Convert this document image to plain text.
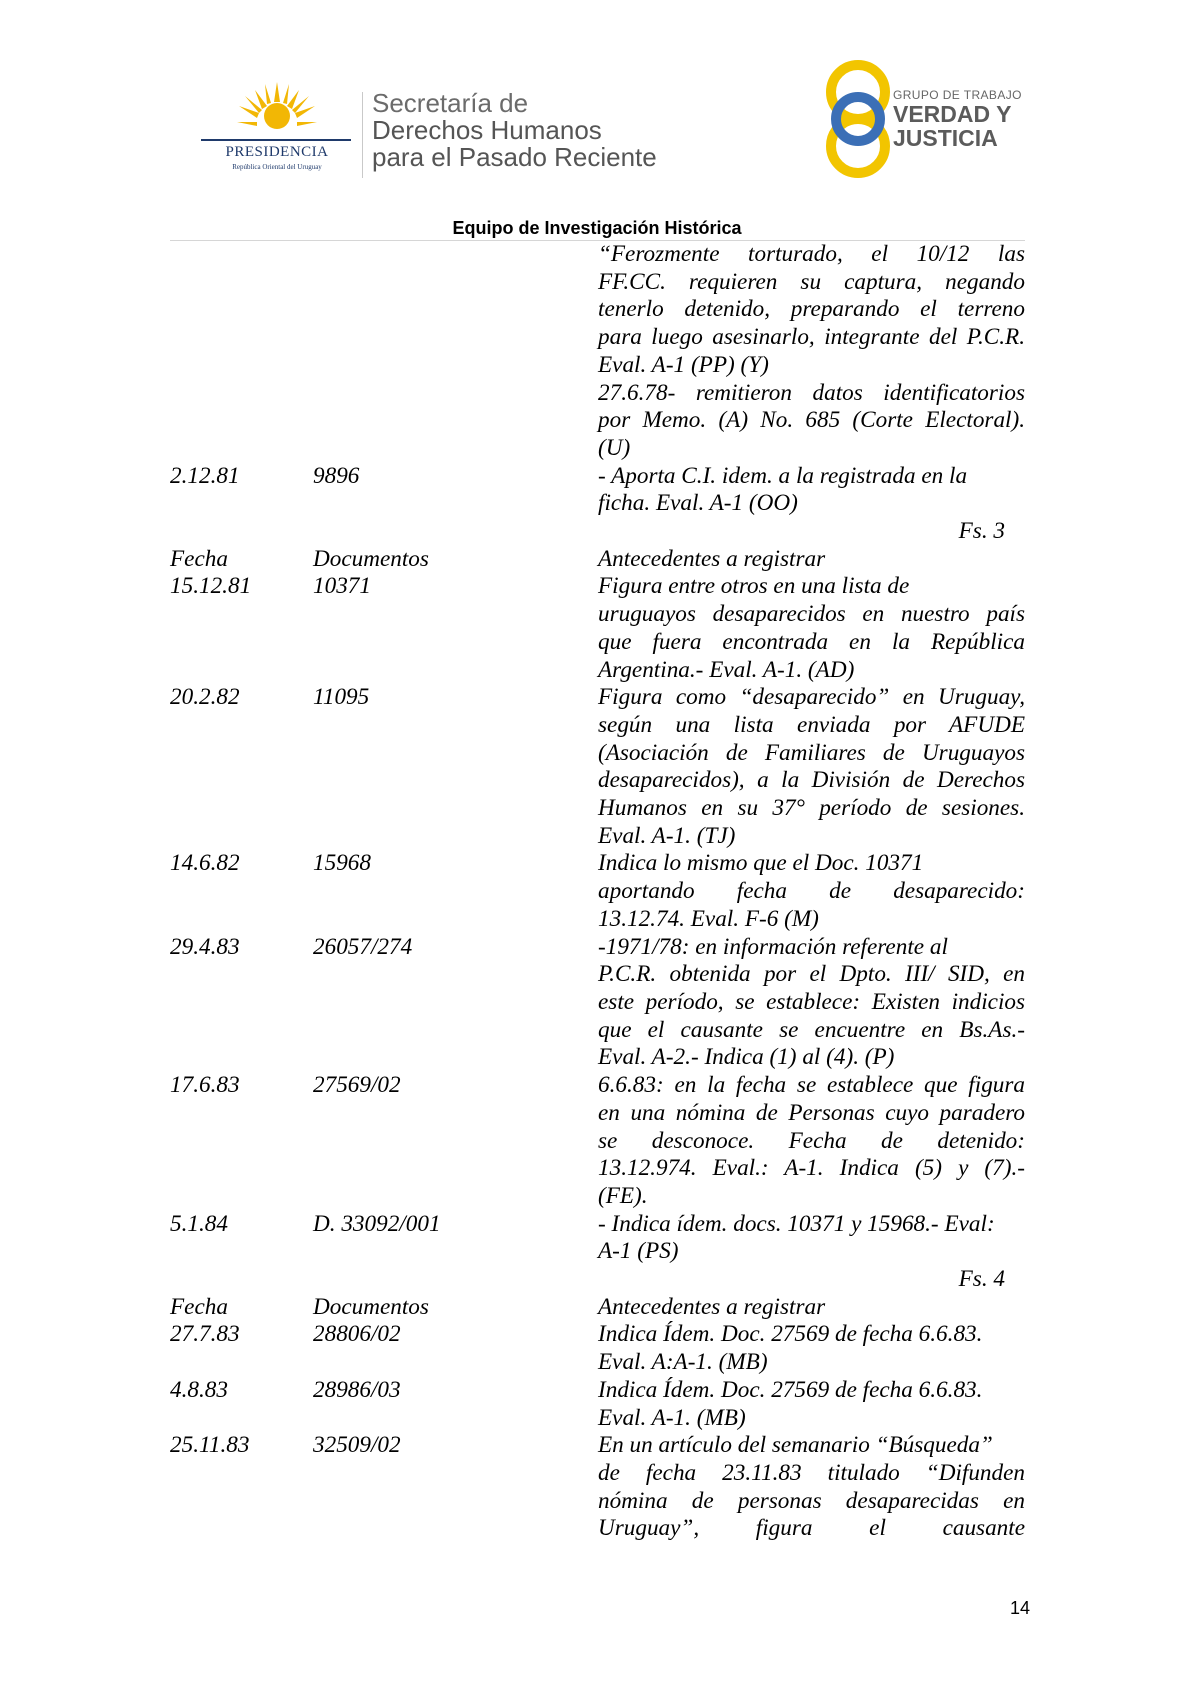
PRESIDENCIA
República Oriental del Uruguay
Secretaría de
Derechos Humanos
para el Pasado Reciente
GRUPO DE TRABAJO
VERDAD Y
JUSTICIA
Equipo de Investigación Histórica
“Ferozmente torturado, el 10/12 las
FF.CC. requieren su captura, negando
tenerlo detenido, preparando el terreno
para luego asesinarlo, integrante del P.C.R.
Eval. A-1 (PP) (Y)
27.6.78- remitieron datos identificatorios
por Memo. (A) No. 685 (Corte Electoral).
(U)
2.12.81	9896	- Aporta C.I. idem. a la registrada en la
ficha. Eval. A-1 (OO)
Fs. 3
Fecha	Documentos	Antecedentes a registrar
15.12.81	10371	Figura entre otros en una lista de
uruguayos desaparecidos en nuestro país
que fuera encontrada en la República
Argentina.- Eval. A-1. (AD)
20.2.82	11095	Figura como “desaparecido” en Uruguay,
según una lista enviada por AFUDE
(Asociación de Familiares de Uruguayos
desaparecidos), a la División de Derechos
Humanos en su 37° período de sesiones.
Eval. A-1. (TJ)
14.6.82	15968	Indica lo mismo que el Doc. 10371
aportando fecha de desaparecido:
13.12.74. Eval. F-6 (M)
29.4.83	26057/274	-1971/78: en información referente al
P.C.R. obtenida por el Dpto. III/ SID, en
este período, se establece: Existen indicios
que el causante se encuentre en Bs.As.-
Eval. A-2.- Indica (1) al (4). (P)
17.6.83	27569/02	6.6.83: en la fecha se establece que figura
en una nómina de Personas cuyo paradero
se desconoce. Fecha de detenido:
13.12.974. Eval.: A-1. Indica (5) y (7).-
(FE).
5.1.84	D. 33092/001	- Indica ídem. docs. 10371 y 15968.- Eval:
A-1 (PS)
Fs. 4
Fecha	Documentos	Antecedentes a registrar
27.7.83	28806/02	Indica Ídem. Doc. 27569 de fecha 6.6.83.
Eval. A:A-1. (MB)
4.8.83	28986/03	Indica Ídem. Doc. 27569 de fecha 6.6.83.
Eval. A-1. (MB)
25.11.83	32509/02	En un artículo del semanario “Búsqueda”
de fecha 23.11.83 titulado “Difunden
nómina de personas desaparecidas en
Uruguay”, figura el causante
14
